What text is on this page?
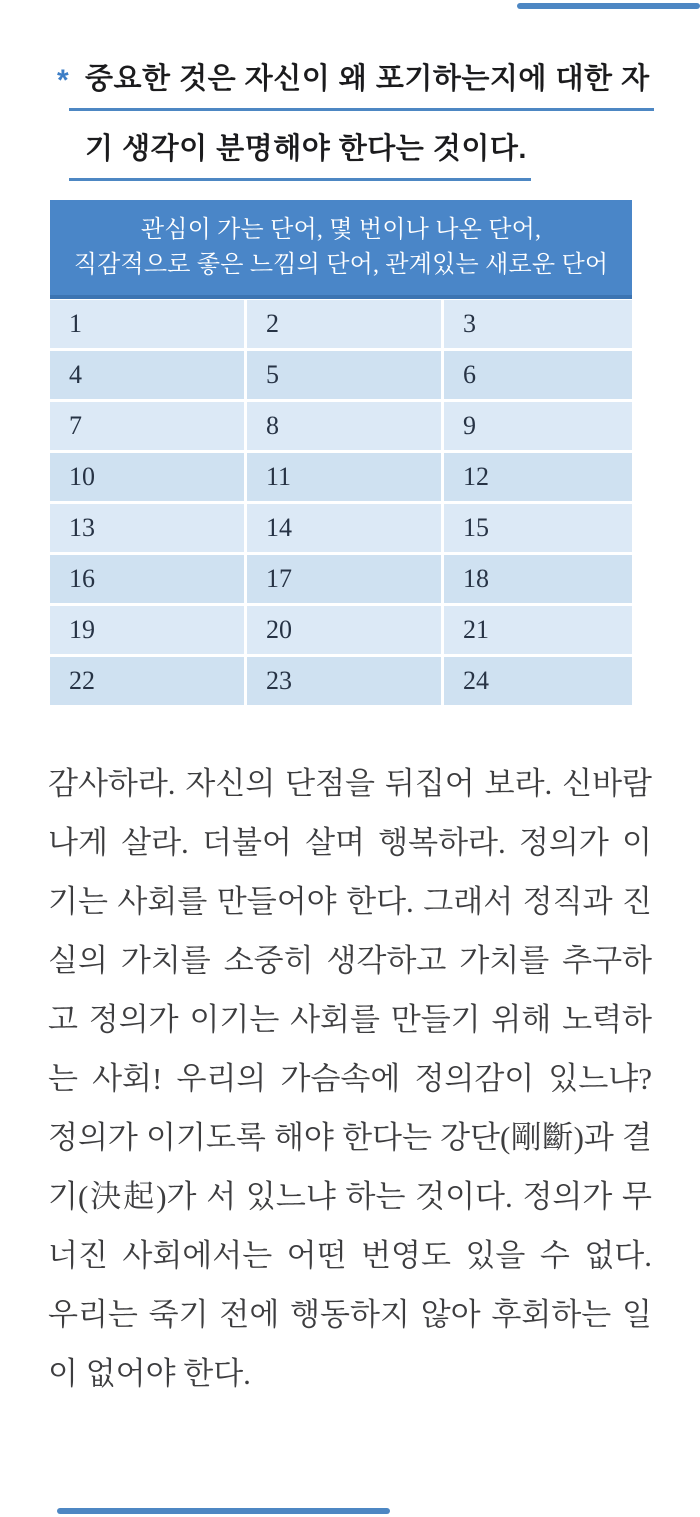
* 중요한 것은 자신이 왜 포기하는지에 대한 자
기 생각이 분명해야 한다는 것이다.
관심이 가는 단어, 몇 번이나 나온 단어,
직감적으로 좋은 느낌의 단어, 관계있는 새로운 단어
1	2	3
4	5	6
7	8	9
10	11	12
13	14	15
16	17	18
19	20	21
22	23	24
감사하라. 자신의 단점을 뒤집어 보라. 신바람
나게 살라. 더불어 살며 행복하라. 정의가 이
기는 사회를 만들어야 한다. 그래서 정직과 진
실의 가치를 소중히 생각하고 가치를 추구하
고 정의가 이기는 사회를 만들기 위해 노력하
는 사회! 우리의 가슴속에 정의감이 있느냐?
정의가 이기도록 해야 한다는 강단(剛斷)과 결
기(決起)가 서 있느냐 하는 것이다. 정의가 무
너진 사회에서는 어떤 번영도 있을 수 없다.
우리는 죽기 전에 행동하지 않아 후회하는 일
이 없어야 한다.
